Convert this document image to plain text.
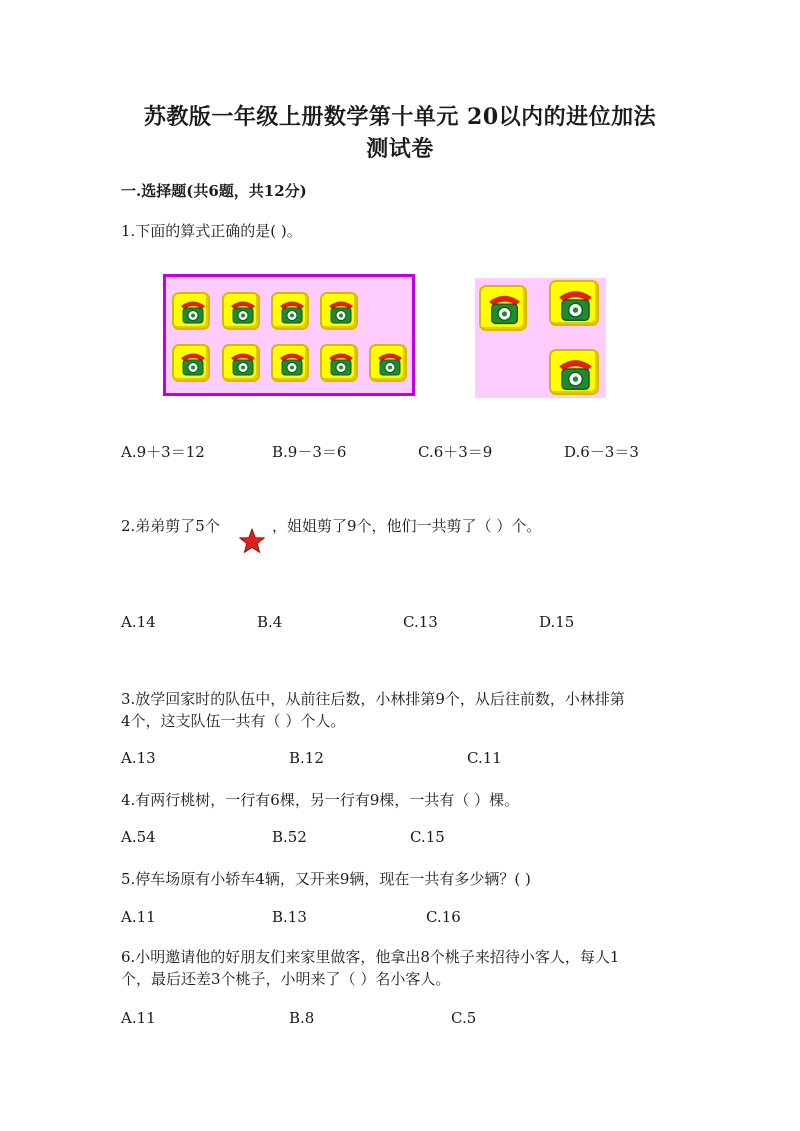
苏教版一年级上册数学第十单元 20以内的进位加法
测试卷
一.选择题(共6题，共12分)
1.下面的算式正确的是( )。
A.9＋3＝12	B.9－3＝6	C.6＋3＝9	D.6－3＝3
2.弟弟剪了5个	，姐姐剪了9个，他们一共剪了（ ）个。
A.14	B.4	C.13	D.15
3.放学回家时的队伍中，从前往后数，小林排第9个，从后往前数，小林排第
4个，这支队伍一共有（ ）个人。
A.13	B.12	C.11
4.有两行桃树，一行有6棵，另一行有9棵，一共有（ ）棵。
A.54	B.52	C.15
5.停车场原有小轿车4辆，又开来9辆，现在一共有多少辆？( )
A.11	B.13	C.16
6.小明邀请他的好朋友们来家里做客，他拿出8个桃子来招待小客人，每人1
个，最后还差3个桃子，小明来了（ ）名小客人。
A.11	B.8	C.5
